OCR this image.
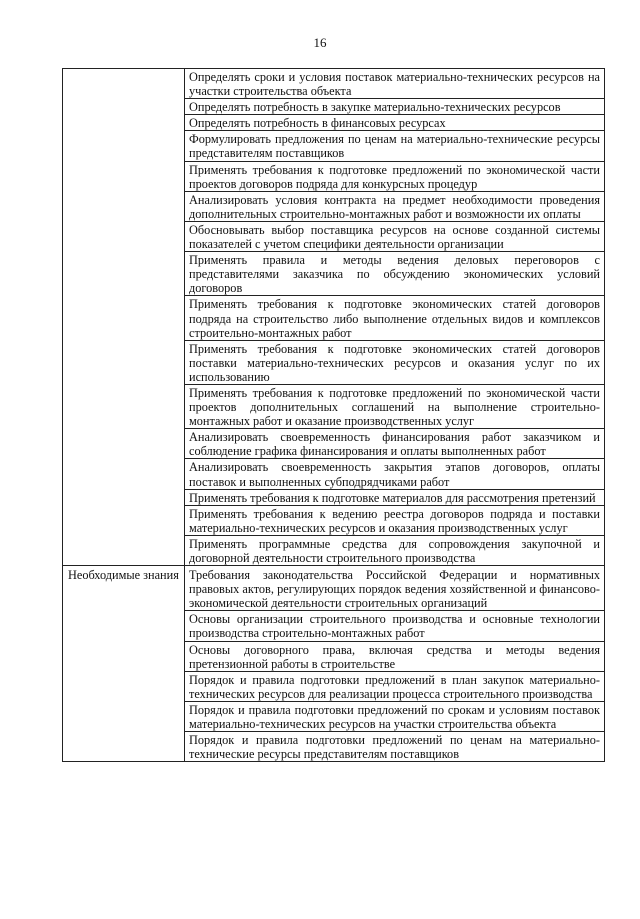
16
	Определять сроки и условия поставок материально-технических ресурсов на участки строительства объекта
	Определять потребность в закупке материально-технических ресурсов
	Определять потребность в финансовых ресурсах
	Формулировать предложения по ценам на материально-технические ресурсы представителям поставщиков
	Применять требования к подготовке предложений по экономической части проектов договоров подряда для конкурсных процедур
	Анализировать условия контракта на предмет необходимости проведения дополнительных строительно-монтажных работ и возможности их оплаты
	Обосновывать выбор поставщика ресурсов на основе созданной системы показателей с учетом специфики деятельности организации
	Применять правила и методы ведения деловых переговоров с представителями заказчика по обсуждению экономических условий договоров
	Применять требования к подготовке экономических статей договоров подряда на строительство либо выполнение отдельных видов и комплексов строительно-монтажных работ
	Применять требования к подготовке экономических статей договоров поставки материально-технических ресурсов и оказания услуг по их использованию
	Применять требования к подготовке предложений по экономической части проектов дополнительных соглашений на выполнение строительно-монтажных работ и оказание производственных услуг
	Анализировать своевременность финансирования работ заказчиком и соблюдение графика финансирования и оплаты выполненных работ
	Анализировать своевременность закрытия этапов договоров, оплаты поставок и выполненных субподрядчиками работ
	Применять требования к подготовке материалов для рассмотрения претензий
	Применять требования к ведению реестра договоров подряда и поставки материально-технических ресурсов и оказания производственных услуг
	Применять программные средства для сопровождения закупочной и договорной деятельности строительного производства
Необходимые знания	Требования законодательства Российской Федерации и нормативных правовых актов, регулирующих порядок ведения хозяйственной и финансово-экономической деятельности строительных организаций
	Основы организации строительного производства и основные технологии производства строительно-монтажных работ
	Основы договорного права, включая средства и методы ведения претензионной работы в строительстве
	Порядок и правила подготовки предложений в план закупок материально-технических ресурсов для реализации процесса строительного производства
	Порядок и правила подготовки предложений по срокам и условиям поставок материально-технических ресурсов на участки строительства объекта
	Порядок и правила подготовки предложений по ценам на материально-технические ресурсы представителям поставщиков
